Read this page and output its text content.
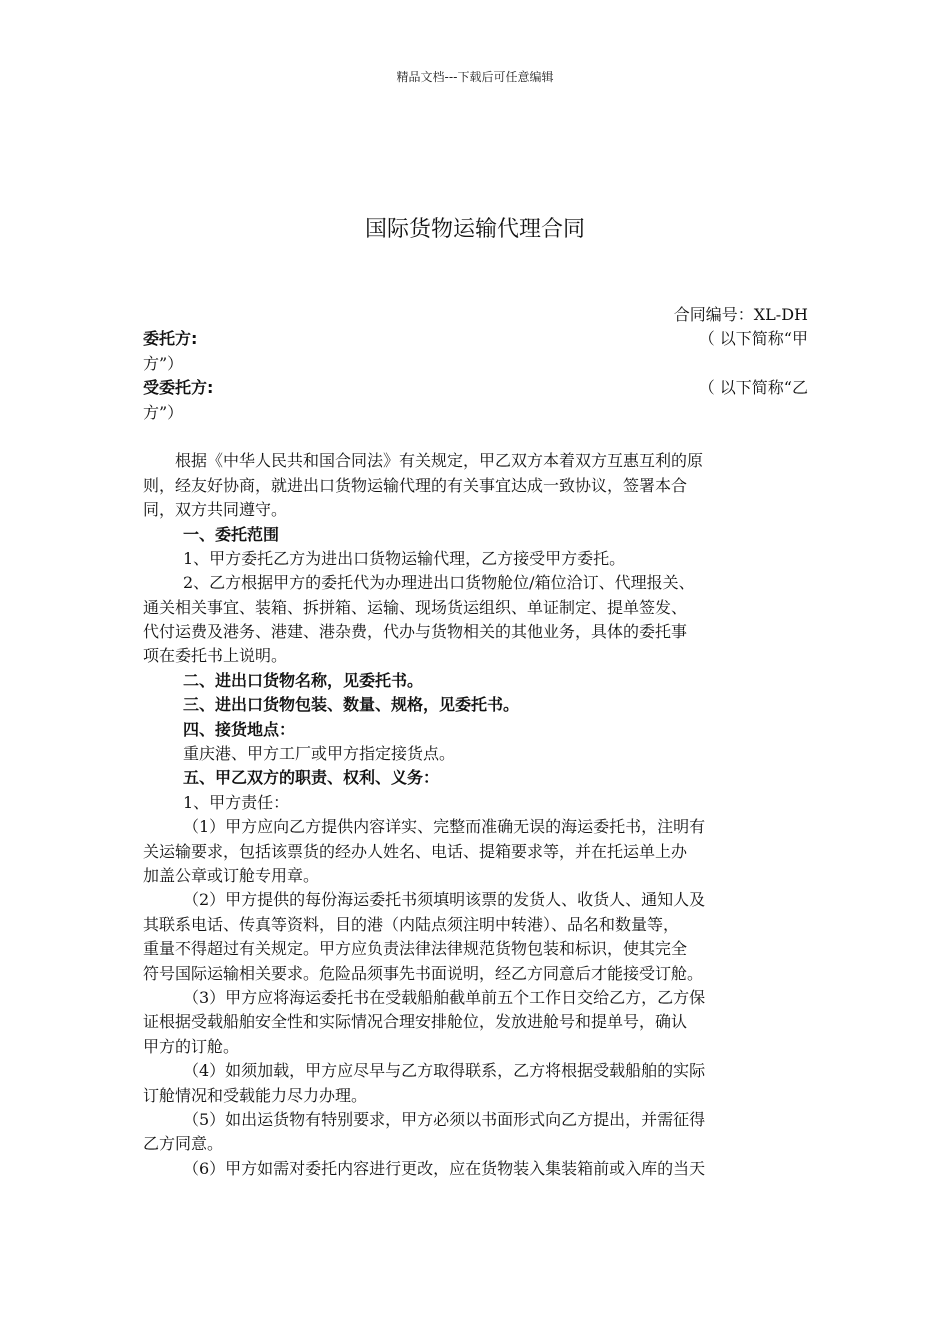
精品文档---下载后可任意编辑
国际货物运输代理合同
合同编号：XL-DH
委托方:	（ 以下简称“甲
方”）
受委托方:	（ 以下简称“乙
方”）
根据《中华人民共和国合同法》有关规定，甲乙双方本着双方互惠互利的原
则，经友好协商，就进出口货物运输代理的有关事宜达成一致协议，签署本合
同，双方共同遵守。
一、委托范围
1、甲方委托乙方为进出口货物运输代理，乙方接受甲方委托。
2、乙方根据甲方的委托代为办理进出口货物舱位/箱位洽订、代理报关、
通关相关事宜、装箱、拆拼箱、运输、现场货运组织、单证制定、提单签发、
代付运费及港务、港建、港杂费，代办与货物相关的其他业务，具体的委托事
项在委托书上说明。
二、进出口货物名称，见委托书。
三、进出口货物包装、数量、规格，见委托书。
四、接货地点：
重庆港、甲方工厂或甲方指定接货点。
五、甲乙双方的职责、权利、义务：
1、甲方责任：
（1）甲方应向乙方提供内容详实、完整而准确无误的海运委托书，注明有
关运输要求，包括该票货的经办人姓名、电话、提箱要求等，并在托运单上办
加盖公章或订舱专用章。
（2）甲方提供的每份海运委托书须填明该票的发货人、收货人、通知人及
其联系电话、传真等资料，目的港（内陆点须注明中转港）、品名和数量等，
重量不得超过有关规定。甲方应负责法律法律规范货物包装和标识，使其完全
符号国际运输相关要求。危险品须事先书面说明，经乙方同意后才能接受订舱。
（3）甲方应将海运委托书在受载船舶截单前五个工作日交给乙方，乙方保
证根据受载船舶安全性和实际情况合理安排舱位，发放进舱号和提单号，确认
甲方的订舱。
（4）如须加载，甲方应尽早与乙方取得联系，乙方将根据受载船舶的实际
订舱情况和受载能力尽力办理。
（5）如出运货物有特别要求，甲方必须以书面形式向乙方提出，并需征得
乙方同意。
（6）甲方如需对委托内容进行更改，应在货物装入集装箱前或入库的当天
